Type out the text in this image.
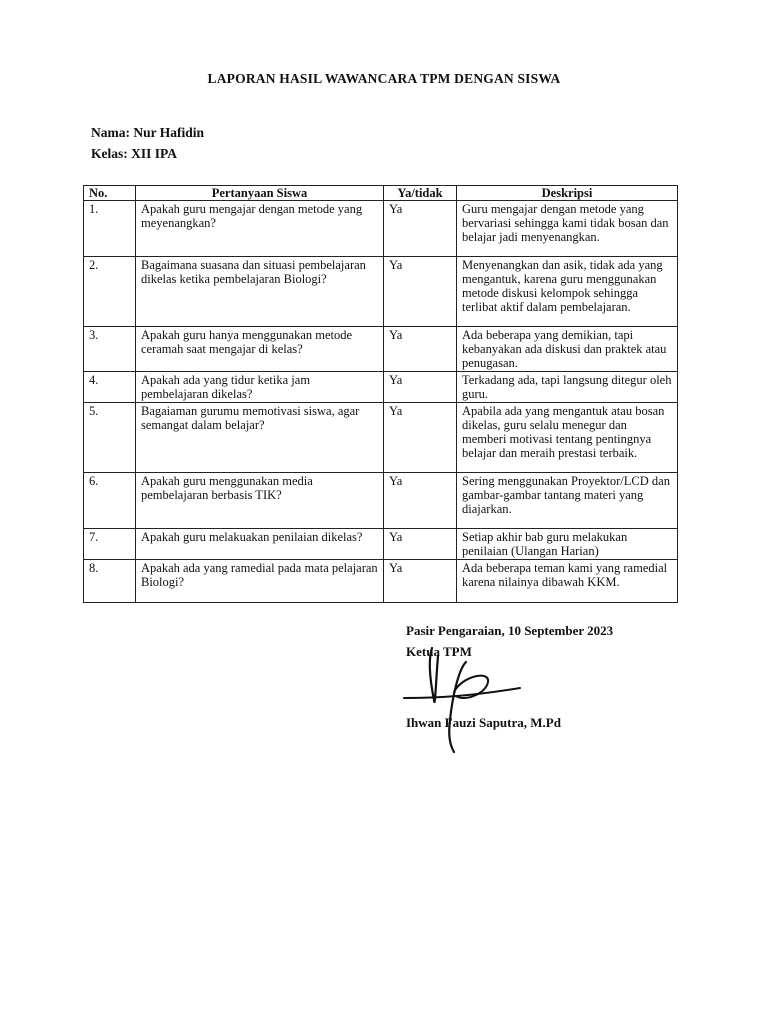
LAPORAN HASIL WAWANCARA TPM DENGAN SISWA
Nama: Nur Hafidin
Kelas: XII IPA
No.	Pertanyaan Siswa	Ya/tidak	Deskripsi
1.	Apakah guru mengajar dengan metode yang meyenangkan?	Ya	Guru mengajar dengan metode yang bervariasi sehingga kami tidak bosan dan belajar jadi menyenangkan.
2.	Bagaimana suasana dan situasi pembelajaran dikelas ketika pembelajaran Biologi?	Ya	Menyenangkan dan asik, tidak ada yang mengantuk, karena guru menggunakan metode diskusi kelompok sehingga terlibat aktif dalam pembelajaran.
3.	Apakah guru hanya menggunakan metode ceramah saat mengajar di kelas?	Ya	Ada beberapa yang demikian, tapi kebanyakan ada diskusi dan praktek atau penugasan.
4.	Apakah ada yang tidur ketika jam pembelajaran dikelas?	Ya	Terkadang ada, tapi langsung ditegur oleh guru.
5.	Bagaiaman gurumu memotivasi siswa, agar semangat dalam belajar?	Ya	Apabila ada yang mengantuk atau bosan dikelas, guru selalu menegur dan memberi motivasi tentang pentingnya belajar dan meraih prestasi terbaik.
6.	Apakah guru menggunakan media pembelajaran berbasis TIK?	Ya	Sering menggunakan Proyektor/LCD dan gambar-gambar tantang materi yang diajarkan.
7.	Apakah guru melakuakan penilaian dikelas?	Ya	Setiap akhir bab guru melakukan penilaian (Ulangan Harian)
8.	Apakah ada yang ramedial pada mata pelajaran Biologi?	Ya	Ada beberapa teman kami yang ramedial karena nilainya dibawah KKM.
Pasir Pengaraian, 10 September 2023
Ketua TPM
Ihwan Fauzi Saputra, M.Pd
